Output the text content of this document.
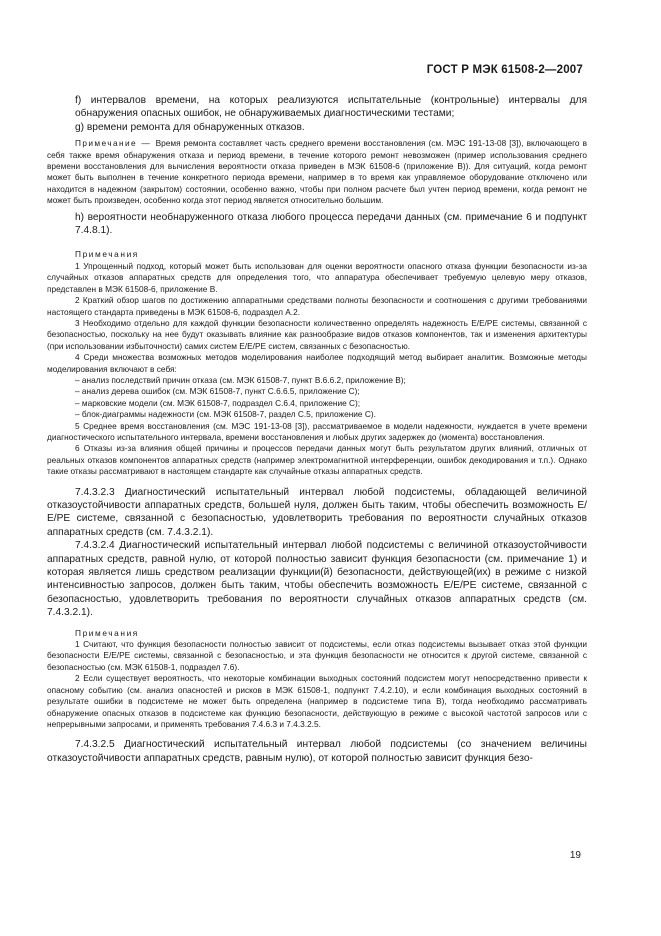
ГОСТ Р МЭК 61508-2—2007

f) интервалов времени, на которых реализуются испытательные (контрольные) интервалы для обнаружения опасных ошибок, не обнаруживаемых диагностическими тестами;

g) времени ремонта для обнаруженных отказов.

Примечание — Время ремонта составляет часть среднего времени восстановления (см. МЭС 191-13-08 [3]), включающего в себя также время обнаружения отказа и период времени, в течение которого ремонт невозможен (пример использования среднего времени восстановления для вычисления вероятности отказа приведен в МЭК 61508-6 (приложение В)). Для ситуаций, когда ремонт может быть выполнен в течение конкретного периода времени, например в то время как управляемое оборудование отключено или находится в надежном (закрытом) состоянии, особенно важно, чтобы при полном расчете был учтен период времени, когда ремонт не может быть произведен, особенно когда этот период является относительно большим.

h) вероятности необнаруженного отказа любого процесса передачи данных (см. примечание 6 и подпункт 7.4.8.1).

Примечания

1 Упрощенный подход, который может быть использован для оценки вероятности опасного отказа функции безопасности из-за случайных отказов аппаратных средств для определения того, что аппаратура обеспечивает требуемую целевую меру отказов, представлен в МЭК 61508-6, приложение В.

2 Краткий обзор шагов по достижению аппаратными средствами полноты безопасности и соотношения с другими требованиями настоящего стандарта приведены в МЭК 61508-6, подраздел А.2.

3 Необходимо отдельно для каждой функции безопасности количественно определять надежность Е/Е/РЕ системы, связанной с безопасностью, поскольку на нее будут оказывать влияние как разнообразие видов отказов компонентов, так и изменения архитектуры (при использовании избыточности) самих систем Е/Е/РЕ систем, связанных с безопасностью.

4 Среди множества возможных методов моделирования наиболее подходящий метод выбирает аналитик. Возможные методы моделирования включают в себя:

– анализ последствий причин отказа (см. МЭК 61508-7, пункт В.6.6.2, приложение В);

– анализ дерева ошибок (см. МЭК 61508-7, пункт С.6.6.5, приложение С);

– марковские модели (см. МЭК 61508-7, подраздел С.6.4, приложение С);

– блок-диаграммы надежности (см. МЭК 61508-7, раздел С.5, приложение С).

5 Среднее время восстановления (см. МЭС 191-13-08 [3]), рассматриваемое в модели надежности, нуждается в учете времени диагностического испытательного интервала, времени восстановления и любых других задержек до (момента) восстановления.

6 Отказы из-за влияния общей причины и процессов передачи данных могут быть результатом других влияний, отличных от реальных отказов компонентов аппаратных средств (например электромагнитной интерференции, ошибок декодирования и т.п.). Однако такие отказы рассматривают в настоящем стандарте как случайные отказы аппаратных средств.

7.4.3.2.3 Диагностический испытательный интервал любой подсистемы, обладающей величиной отказоустойчивости аппаратных средств, большей нуля, должен быть таким, чтобы обеспечить возможность Е/Е/РЕ системе, связанной с безопасностью, удовлетворить требования по вероятности случайных отказов аппаратных средств (см. 7.4.3.2.1).

7.4.3.2.4 Диагностический испытательный интервал любой подсистемы с величиной отказоустойчивости аппаратных средств, равной нулю, от которой полностью зависит функция безопасности (см. примечание 1) и которая является лишь средством реализации функции(й) безопасности, действующей(их) в режиме с низкой интенсивностью запросов, должен быть таким, чтобы обеспечить возможность Е/Е/РЕ системе, связанной с безопасностью, удовлетворить требования по вероятности случайных отказов аппаратных средств (см. 7.4.3.2.1).

Примечания

1 Считают, что функция безопасности полностью зависит от подсистемы, если отказ подсистемы вызывает отказ этой функции безопасности Е/Е/РЕ системы, связанной с безопасностью, и эта функция безопасности не относится к другой системе, связанной с безопасностью (см. МЭК 61508-1, подраздел 7.6).

2 Если существует вероятность, что некоторые комбинации выходных состояний подсистем могут непосредственно привести к опасному событию (см. анализ опасностей и рисков в МЭК 61508-1, подпункт 7.4.2.10), и если комбинация выходных состояний в результате ошибки в подсистеме не может быть определена (например в подсистеме типа В), тогда необходимо рассматривать обнаружение опасных отказов в подсистеме как функцию безопасности, действующую в режиме с высокой частотой запросов или с непрерывными запросами, и применять требования 7.4.6.3 и 7.4.3.2.5.

7.4.3.2.5 Диагностический испытательный интервал любой подсистемы (со значением величины отказоустойчивости аппаратных средств, равным нулю), от которой полностью зависит функция безо-

19
